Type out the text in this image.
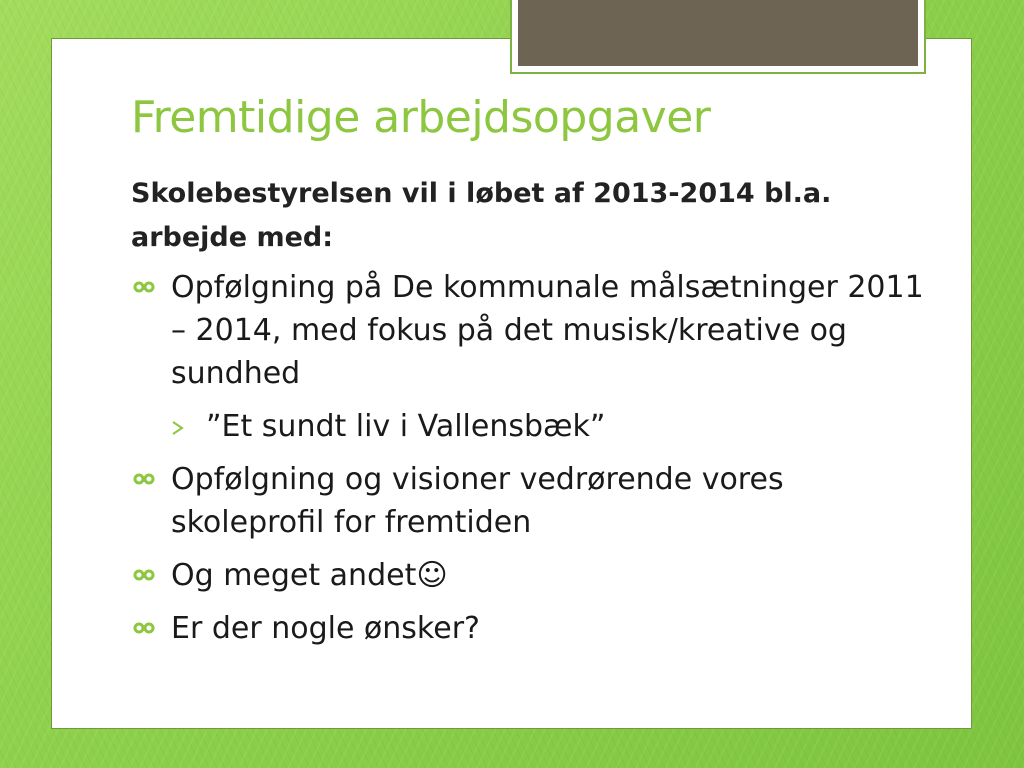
Fremtidige arbejdsopgaver

Skolebestyrelsen vil i løbet af 2013-2014 bl.a. arbejde med:

Opfølgning på De kommunale målsætninger 2011 – 2014, med fokus på det musisk/kreative og sundhed
”Et sundt liv i Vallensbæk”
Opfølgning og visioner vedrørende vores skoleprofil for fremtiden
Og meget andet☺
Er der nogle ønsker?
